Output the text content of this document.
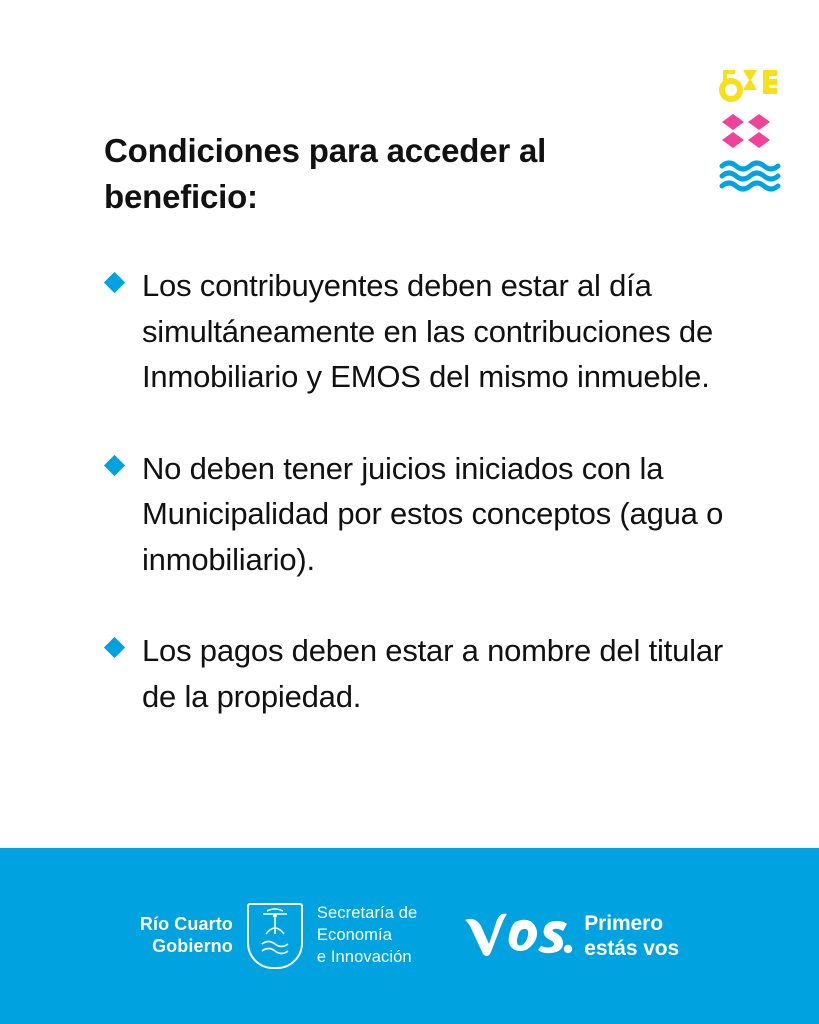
Condiciones para acceder al beneficio:
Los contribuyentes deben estar al día simultáneamente en las contribuciones de Inmobiliario y EMOS del mismo inmueble.
No deben tener juicios iniciados con la Municipalidad por estos conceptos (agua o inmobiliario).
Los pagos deben estar a nombre del titular de la propiedad.
Río Cuarto
Gobierno
Secretaría de
Economía
e Innovación
Primero
estás vos
